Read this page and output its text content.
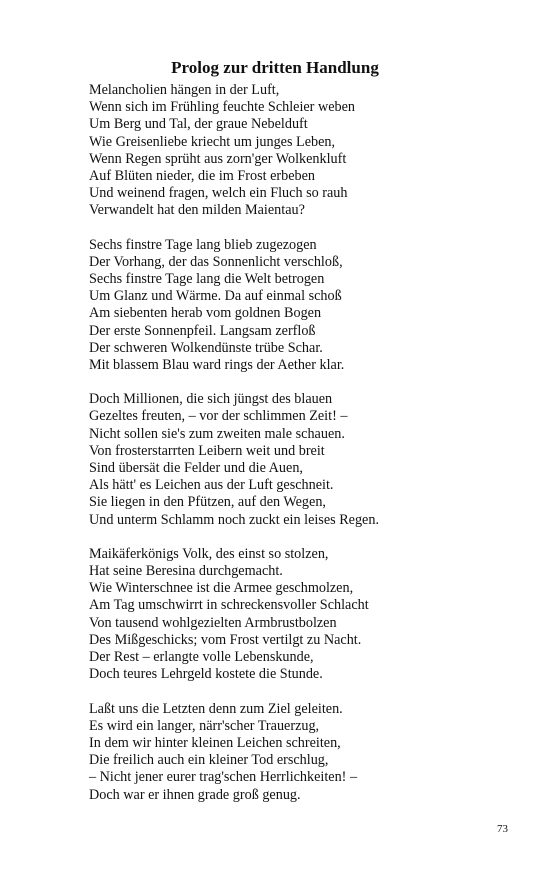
Prolog zur dritten Handlung
Melancholien hängen in der Luft,
Wenn sich im Frühling feuchte Schleier weben
Um Berg und Tal, der graue Nebelduft
Wie Greisenliebe kriecht um junges Leben,
Wenn Regen sprüht aus zorn'ger Wolkenkluft
Auf Blüten nieder, die im Frost erbeben
Und weinend fragen, welch ein Fluch so rauh
Verwandelt hat den milden Maientau?
Sechs finstre Tage lang blieb zugezogen
Der Vorhang, der das Sonnenlicht verschloß,
Sechs finstre Tage lang die Welt betrogen
Um Glanz und Wärme. Da auf einmal schoß
Am siebenten herab vom goldnen Bogen
Der erste Sonnenpfeil. Langsam zerfloß
Der schweren Wolkendünste trübe Schar.
Mit blassem Blau ward rings der Aether klar.
Doch Millionen, die sich jüngst des blauen
Gezeltes freuten, – vor der schlimmen Zeit! –
Nicht sollen sie's zum zweiten male schauen.
Von frosterstarrten Leibern weit und breit
Sind übersät die Felder und die Auen,
Als hätt' es Leichen aus der Luft geschneit.
Sie liegen in den Pfützen, auf den Wegen,
Und unterm Schlamm noch zuckt ein leises Regen.
Maikäferkönigs Volk, des einst so stolzen,
Hat seine Beresina durchgemacht.
Wie Winterschnee ist die Armee geschmolzen,
Am Tag umschwirrt in schreckensvoller Schlacht
Von tausend wohlgezielten Armbrustbolzen
Des Mißgeschicks; vom Frost vertilgt zu Nacht.
Der Rest – erlangte volle Lebenskunde,
Doch teures Lehrgeld kostete die Stunde.
Laßt uns die Letzten denn zum Ziel geleiten.
Es wird ein langer, närr'scher Trauerzug,
In dem wir hinter kleinen Leichen schreiten,
Die freilich auch ein kleiner Tod erschlug,
– Nicht jener eurer trag'schen Herrlichkeiten! –
Doch war er ihnen grade groß genug.
73
